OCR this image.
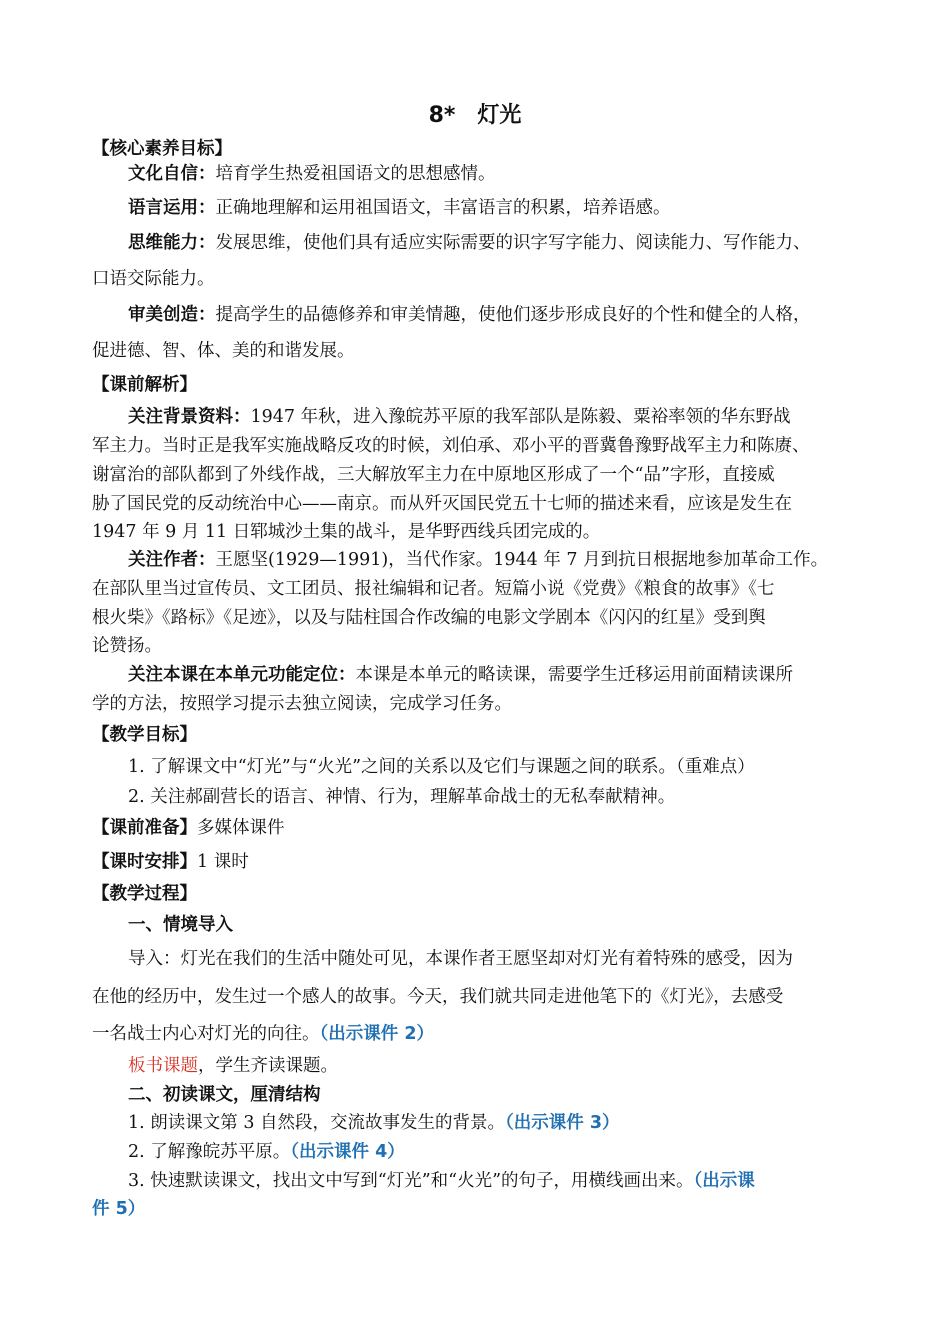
8*　灯光
【核心素养目标】
文化自信：培育学生热爱祖国语文的思想感情。
语言运用：正确地理解和运用祖国语文，丰富语言的积累，培养语感。
思维能力：发展思维，使他们具有适应实际需要的识字写字能力、阅读能力、写作能力、
口语交际能力。
审美创造：提高学生的品德修养和审美情趣，使他们逐步形成良好的个性和健全的人格，
促进德、智、体、美的和谐发展。
【课前解析】
关注背景资料：1947 年秋，进入豫皖苏平原的我军部队是陈毅、粟裕率领的华东野战
军主力。当时正是我军实施战略反攻的时候，刘伯承、邓小平的晋冀鲁豫野战军主力和陈赓、
谢富治的部队都到了外线作战，三大解放军主力在中原地区形成了一个“品”字形，直接威
胁了国民党的反动统治中心——南京。而从歼灭国民党五十七师的描述来看，应该是发生在
1947 年 9 月 11 日郓城沙土集的战斗，是华野西线兵团完成的。
关注作者：王愿坚(1929—1991)，当代作家。1944 年 7 月到抗日根据地参加革命工作。
在部队里当过宣传员、文工团员、报社编辑和记者。短篇小说《党费》《粮食的故事》《七
根火柴》《路标》《足迹》，以及与陆柱国合作改编的电影文学剧本《闪闪的红星》受到舆
论赞扬。
关注本课在本单元功能定位：本课是本单元的略读课，需要学生迁移运用前面精读课所
学的方法，按照学习提示去独立阅读，完成学习任务。
【教学目标】
1. 了解课文中“灯光”与“火光”之间的关系以及它们与课题之间的联系。（重难点）
2. 关注郝副营长的语言、神情、行为，理解革命战士的无私奉献精神。
【课前准备】多媒体课件
【课时安排】1 课时
【教学过程】
一、情境导入
导入：灯光在我们的生活中随处可见，本课作者王愿坚却对灯光有着特殊的感受，因为
在他的经历中，发生过一个感人的故事。今天，我们就共同走进他笔下的《灯光》，去感受
一名战士内心对灯光的向往。（出示课件 2）
板书课题，学生齐读课题。
二、初读课文，厘清结构
1. 朗读课文第 3 自然段，交流故事发生的背景。（出示课件 3）
2. 了解豫皖苏平原。（出示课件 4）
3. 快速默读课文，找出文中写到“灯光”和“火光”的句子，用横线画出来。（出示课
件 5）
